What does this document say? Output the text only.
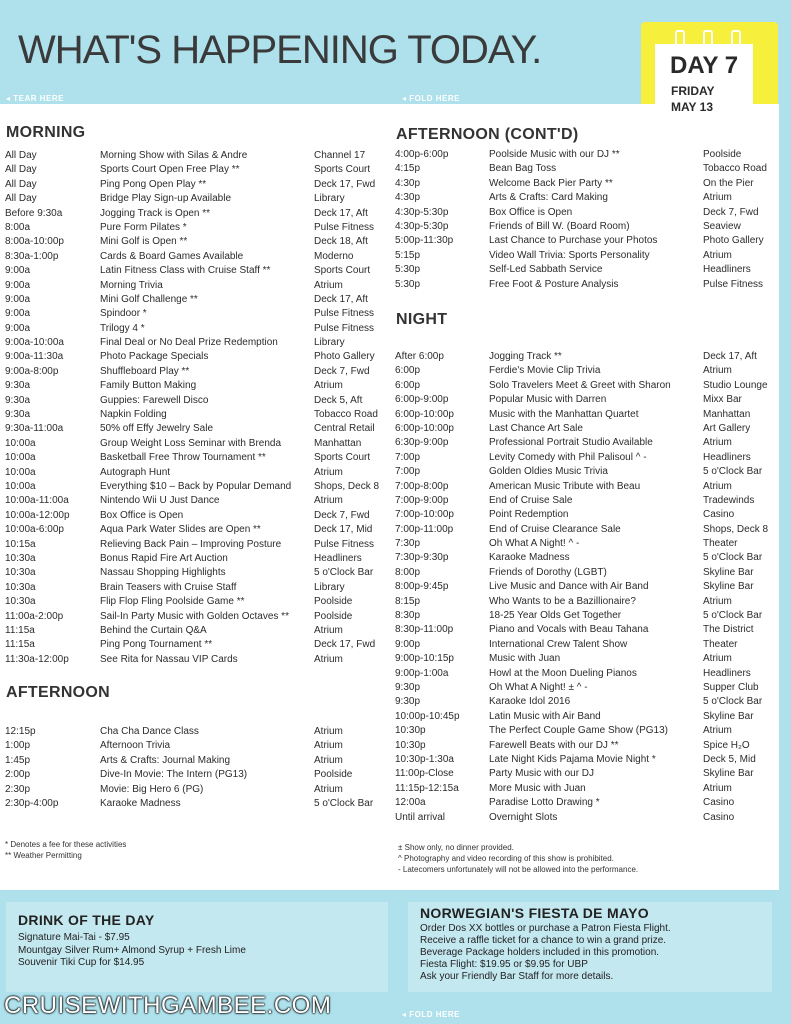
WHAT'S HAPPENING TODAY.	DAY 7
FRIDAY
MAY 13
◂ TEAR HERE	◂ FOLD HERE
MORNING
All Day	Morning Show with Silas & Andre	Channel 17
All Day	Sports Court Open Free Play **	Sports Court
All Day	Ping Pong Open Play **	Deck 17, Fwd
All Day	Bridge Play Sign-up Available	Library
Before 9:30a	Jogging Track is Open **	Deck 17, Aft
8:00a	Pure Form Pilates *	Pulse Fitness
8:00a-10:00p	Mini Golf is Open **	Deck 18, Aft
8:30a-1:00p	Cards & Board Games Available	Moderno
9:00a	Latin Fitness Class with Cruise Staff **	Sports Court
9:00a	Morning Trivia	Atrium
9:00a	Mini Golf Challenge **	Deck 17, Aft
9:00a	Spindoor *	Pulse Fitness
9:00a	Trilogy 4 *	Pulse Fitness
9:00a-10:00a	Final Deal or No Deal Prize Redemption	Library
9:00a-11:30a	Photo Package Specials	Photo Gallery
9:00a-8:00p	Shuffleboard Play **	Deck 7, Fwd
9:30a	Family Button Making	Atrium
9:30a	Guppies: Farewell Disco	Deck 5, Aft
9:30a	Napkin Folding	Tobacco Road
9:30a-11:00a	50% off Effy Jewelry Sale	Central Retail
10:00a	Group Weight Loss Seminar with Brenda	Manhattan
10:00a	Basketball Free Throw Tournament **	Sports Court
10:00a	Autograph Hunt	Atrium
10:00a	Everything $10 – Back by Popular Demand	Shops, Deck 8
10:00a-11:00a	Nintendo Wii U Just Dance	Atrium
10:00a-12:00p	Box Office is Open	Deck 7, Fwd
10:00a-6:00p	Aqua Park Water Slides are Open **	Deck 17, Mid
10:15a	Relieving Back Pain – Improving Posture	Pulse Fitness
10:30a	Bonus Rapid Fire Art Auction	Headliners
10:30a	Nassau Shopping Highlights	5 o'Clock Bar
10:30a	Brain Teasers with Cruise Staff	Library
10:30a	Flip Flop Fling Poolside Game **	Poolside
11:00a-2:00p	Sail-In Party Music with Golden Octaves **	Poolside
11:15a	Behind the Curtain Q&A	Atrium
11:15a	Ping Pong Tournament **	Deck 17, Fwd
11:30a-12:00p	See Rita for Nassau VIP Cards	Atrium
AFTERNOON
12:15p	Cha Cha Dance Class	Atrium
1:00p	Afternoon Trivia	Atrium
1:45p	Arts & Crafts: Journal Making	Atrium
2:00p	Dive-In Movie: The Intern (PG13)	Poolside
2:30p	Movie: Big Hero 6 (PG)	Atrium
2:30p-4:00p	Karaoke Madness	5 o'Clock Bar
* Denotes a fee for these activities
** Weather Permitting
AFTERNOON (CONT'D)
4:00p-6:00p	Poolside Music with our DJ **	Poolside
4:15p	Bean Bag Toss	Tobacco Road
4:30p	Welcome Back Pier Party **	On the Pier
4:30p	Arts & Crafts: Card Making	Atrium
4:30p-5:30p	Box Office is Open	Deck 7, Fwd
4:30p-5:30p	Friends of Bill W. (Board Room)	Seaview
5:00p-11:30p	Last Chance to Purchase your Photos	Photo Gallery
5:15p	Video Wall Trivia: Sports Personality	Atrium
5:30p	Self-Led Sabbath Service	Headliners
5:30p	Free Foot & Posture Analysis	Pulse Fitness
NIGHT
After 6:00p	Jogging Track **	Deck 17, Aft
6:00p	Ferdie's Movie Clip Trivia	Atrium
6:00p	Solo Travelers Meet & Greet with Sharon	Studio Lounge
6:00p-9:00p	Popular Music with Darren	Mixx Bar
6:00p-10:00p	Music with the Manhattan Quartet	Manhattan
6:00p-10:00p	Last Chance Art Sale	Art Gallery
6:30p-9:00p	Professional Portrait Studio Available	Atrium
7:00p	Levity Comedy with Phil Palisoul ^ -	Headliners
7:00p	Golden Oldies Music Trivia	5 o'Clock Bar
7:00p-8:00p	American Music Tribute with Beau	Atrium
7:00p-9:00p	End of Cruise Sale	Tradewinds
7:00p-10:00p	Point Redemption	Casino
7:00p-11:00p	End of Cruise Clearance Sale	Shops, Deck 8
7:30p	Oh What A Night! ^ -	Theater
7:30p-9:30p	Karaoke Madness	5 o'Clock Bar
8:00p	Friends of Dorothy (LGBT)	Skyline Bar
8:00p-9:45p	Live Music and Dance with Air Band	Skyline Bar
8:15p	Who Wants to be a Bazillionaire?	Atrium
8:30p	18-25 Year Olds Get Together	5 o'Clock Bar
8:30p-11:00p	Piano and Vocals with Beau Tahana	The District
9:00p	International Crew Talent Show	Theater
9:00p-10:15p	Music with Juan	Atrium
9:00p-1:00a	Howl at the Moon Dueling Pianos	Headliners
9:30p	Oh What A Night! ± ^ -	Supper Club
9:30p	Karaoke Idol 2016	5 o'Clock Bar
10:00p-10:45p	Latin Music with Air Band	Skyline Bar
10:30p	The Perfect Couple Game Show (PG13)	Atrium
10:30p	Farewell Beats with our DJ **	Spice H₂O
10:30p-1:30a	Late Night Kids Pajama Movie Night *	Deck 5, Mid
11:00p-Close	Party Music with our DJ	Skyline Bar
11:15p-12:15a	More Music with Juan	Atrium
12:00a	Paradise Lotto Drawing *	Casino
Until arrival	Overnight Slots	Casino
± Show only, no dinner provided.
^ Photography and video recording of this show is prohibited.
- Latecomers unfortunately will not be allowed into the performance.
DRINK OF THE DAY
Signature Mai-Tai - $7.95
Mountgay Silver Rum+ Almond Syrup + Fresh Lime
Souvenir Tiki Cup for $14.95
NORWEGIAN'S FIESTA DE MAYO
Order Dos XX bottles or purchase a Patron Fiesta Flight.
Receive a raffle ticket for a chance to win a grand prize.
Beverage Package holders included in this promotion.
Fiesta Flight: $19.95 or $9.95 for UBP
Ask your Friendly Bar Staff for more details.
◂ FOLD HERE
CRUISEWITHGAMBEE.COM
